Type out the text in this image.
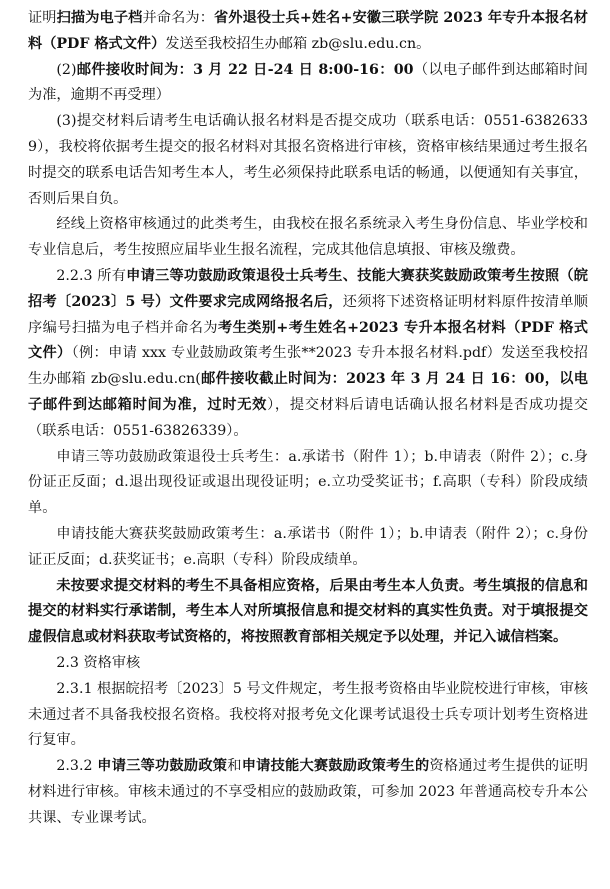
证明扫描为电子档并命名为：省外退役士兵+姓名+安徽三联学院 2023 年专升本报名材料（PDF 格式文件）发送至我校招生办邮箱 zb@slu.edu.cn。

(2)邮件接收时间为：3 月 22 日-24 日 8:00-16：00（以电子邮件到达邮箱时间为准，逾期不再受理）

(3)提交材料后请考生电话确认报名材料是否提交成功（联系电话：0551-63826339），我校将依据考生提交的报名材料对其报名资格进行审核，资格审核结果通过考生报名时提交的联系电话告知考生本人，考生必须保持此联系电话的畅通，以便通知有关事宜，否则后果自负。

经线上资格审核通过的此类考生，由我校在报名系统录入考生身份信息、毕业学校和专业信息后，考生按照应届毕业生报名流程，完成其他信息填报、审核及缴费。

2.2.3 所有申请三等功鼓励政策退役士兵考生、技能大赛获奖鼓励政策考生按照（皖招考〔2023〕5 号）文件要求完成网络报名后，还须将下述资格证明材料原件按清单顺序编号扫描为电子档并命名为考生类别+考生姓名+2023 专升本报名材料（PDF 格式文件）（例：申请 xxx 专业鼓励政策考生张**2023 专升本报名材料.pdf）发送至我校招生办邮箱 zb@slu.edu.cn(邮件接收截止时间为：2023 年 3 月 24 日 16：00，以电子邮件到达邮箱时间为准，过时无效），提交材料后请电话确认报名材料是否成功提交（联系电话：0551-63826339）。

申请三等功鼓励政策退役士兵考生：a.承诺书（附件 1）；b.申请表（附件 2）；c.身份证正反面；d.退出现役证或退出现役证明；e.立功受奖证书；f.高职（专科）阶段成绩单。

申请技能大赛获奖鼓励政策考生：a.承诺书（附件 1）；b.申请表（附件 2）；c.身份证正反面；d.获奖证书；e.高职（专科）阶段成绩单。

未按要求提交材料的考生不具备相应资格，后果由考生本人负责。考生填报的信息和提交的材料实行承诺制，考生本人对所填报信息和提交材料的真实性负责。对于填报提交虚假信息或材料获取考试资格的，将按照教育部相关规定予以处理，并记入诚信档案。

2.3 资格审核

2.3.1 根据皖招考〔2023〕5 号文件规定，考生报考资格由毕业院校进行审核，审核未通过者不具备我校报名资格。我校将对报考免文化课考试退役士兵专项计划考生资格进行复审。

2.3.2 申请三等功鼓励政策和申请技能大赛鼓励政策考生的资格通过考生提供的证明材料进行审核。审核未通过的不享受相应的鼓励政策，可参加 2023 年普通高校专升本公共课、专业课考试。
